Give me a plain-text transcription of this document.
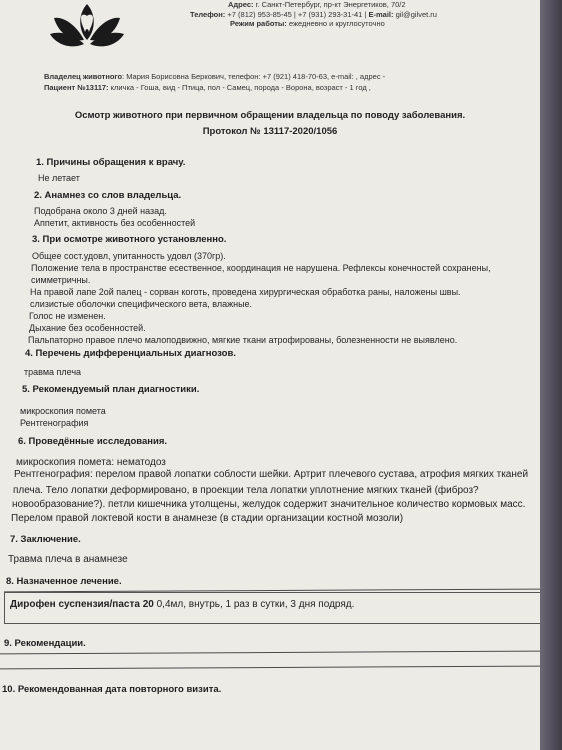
Адрес: г. Санкт-Петербург, пр-кт Энергетиков, 70/2
Телефон: +7 (812) 953-85-45 | +7 (931) 293-31-41 | E-mail: gil@gilvet.ru
Режим работы: ежедневно и круглосуточно
Владелец животного: Мария Борисовна Беркович, телефон: +7 (921) 418-70-63, e-mail: , адрес -
Пациент №13117: кличка - Гоша, вид - Птица, пол - Самец, порода - Ворона, возраст - 1 год ,
Осмотр животного при первичном обращении владельца по поводу заболевания.
Протокол № 13117-2020/1056
1. Причины обращения к врачу.
Не летает
2. Анамнез со слов владельца.
Подобрана около 3 дней назад.
Аппетит, активность без особенностей
3. При осмотре животного установленно.
Общее сост.удовл, упитанность удовл (370гр).
Положение тела в пространстве есественное, координация не нарушена. Рефлексы конечностей сохранены,
симметричны.
На правой лапе 2ой палец - сорван коготь, проведена хирургическая обработка раны, наложены швы.
слизистые оболочки специфическогo вета, влажные.
Голос не изменен.
Дыхание без особенностей.
Пальпаторно правое плечо малоподвижно, мягкие ткани атрофированы, болезненности не выявлено.
4. Перечень дифференциальных диагнозов.
травма плеча
5. Рекомендуемый план диагностики.
микроскопия помета
Рентгенография
6. Проведённые исследования.
микроскопия помета: нематодоз
Рентгенография: перелом правой лопатки соблости шейки. Артрит плечевого сустава, атрофия мягких тканей
плеча. Тело лопатки деформировано, в проекции тела лопатки уплотнение мягких тканей (фиброз?
новообразование?). петли кишечника утолщены, желудок содержит значительное количество кормовых масс.
Перелом правой локтевой кости в анамнезе (в стадии организации костной мозоли)
7. Заключение.
Травма плеча в анамнезе
8. Назначенное лечение.
Дирофен суспензия/паста 20 0,4мл, внутрь, 1 раз в сутки, 3 дня подряд.
9. Рекомендации.
10. Рекомендованная дата повторного визита.
